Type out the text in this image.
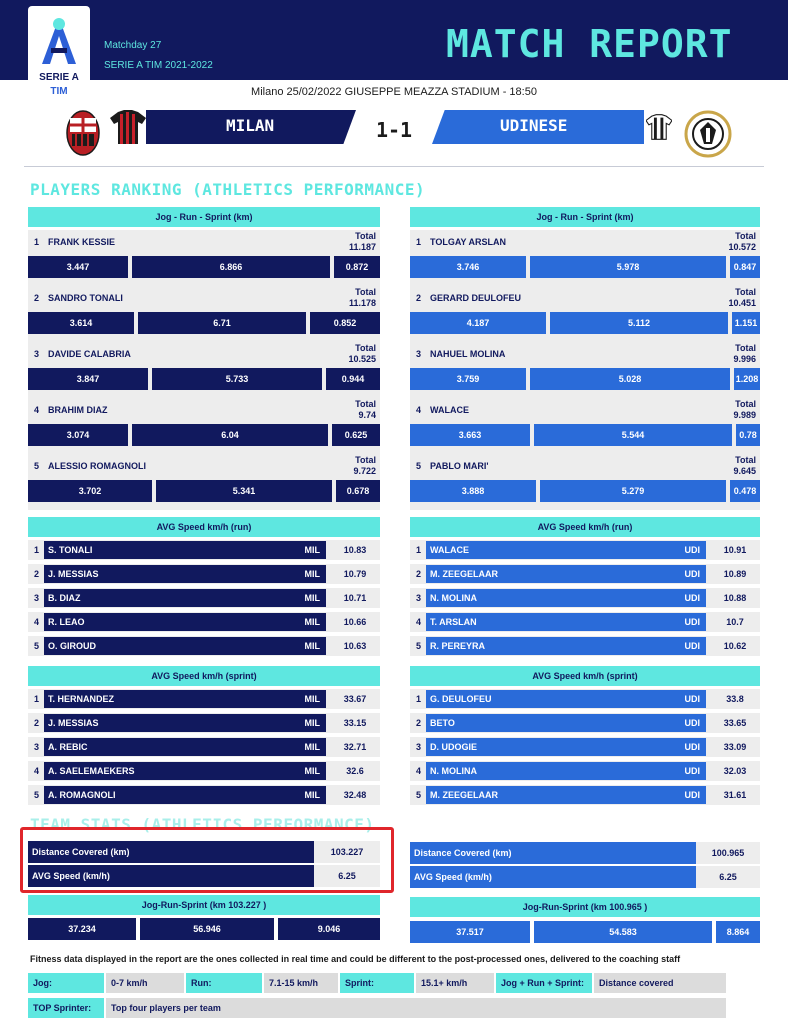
SERIE A
TIM
Matchday 27
SERIE A TIM 2021-2022	MATCH REPORT
Milano 25/02/2022 GIUSEPPE MEAZZA STADIUM - 18:50
MILAN	1-1	UDINESE
PLAYERS RANKING (ATHLETICS PERFORMANCE)
Jog - Run - Sprint (km)	Jog - Run - Sprint (km)
1 FRANK KESSIE
Total
11.187
3.447	6.866	0.872
2 SANDRO TONALI
Total
11.178
3.614	6.71	0.852
3 DAVIDE CALABRIA
Total
10.525
3.847	5.733	0.944
4 BRAHIM DIAZ
Total
9.74
3.074	6.04	0.625
5 ALESSIO ROMAGNOLI
Total
9.722
3.702	5.341	0.678
1 TOLGAY ARSLAN
Total
10.572
3.746	5.978	0.847
2 GERARD DEULOFEU
Total
10.451
4.187	5.112	1.151
3 NAHUEL MOLINA
Total
9.996
3.759	5.028	1.208
4 WALACE
Total
9.989
3.663	5.544	0.78
5 PABLO MARI'
Total
9.645
3.888	5.279	0.478
AVG Speed km/h (run)	AVG Speed km/h (run)
1 S. TONALI	MIL	10.83
2 J. MESSIAS	MIL	10.79
3 B. DIAZ	MIL	10.71
4 R. LEAO	MIL	10.66
5 O. GIROUD	MIL	10.63
1 WALACE	UDI	10.91
2 M. ZEEGELAAR	UDI	10.89
3 N. MOLINA	UDI	10.88
4 T. ARSLAN	UDI	10.7
5 R. PEREYRA	UDI	10.62
AVG Speed km/h (sprint)	AVG Speed km/h (sprint)
1 T. HERNANDEZ	MIL	33.67
2 J. MESSIAS	MIL	33.15
3 A. REBIC	MIL	32.71
4 A. SAELEMAEKERS	MIL	32.6
5 A. ROMAGNOLI	MIL	32.48
1 G. DEULOFEU	UDI	33.8
2 BETO	UDI	33.65
3 D. UDOGIE	UDI	33.09
4 N. MOLINA	UDI	32.03
5 M. ZEEGELAAR	UDI	31.61
TEAM STATS (ATHLETICS PERFORMANCE)
Distance Covered (km)	103.227
AVG Speed (km/h)	6.25
Distance Covered (km)	100.965
AVG Speed (km/h)	6.25
Jog-Run-Sprint (km 103.227 )
37.234	56.946	9.046
Jog-Run-Sprint (km 100.965 )
37.517	54.583	8.864
Fitness data displayed in the report are the ones collected in real time and could be different to the post-processed ones, delivered to the coaching staff
Jog:	0-7 km/h	Run:	7.1-15 km/h	Sprint:	15.1+ km/h	Jog + Run + Sprint:	Distance covered
TOP Sprinter:	Top four players per team
